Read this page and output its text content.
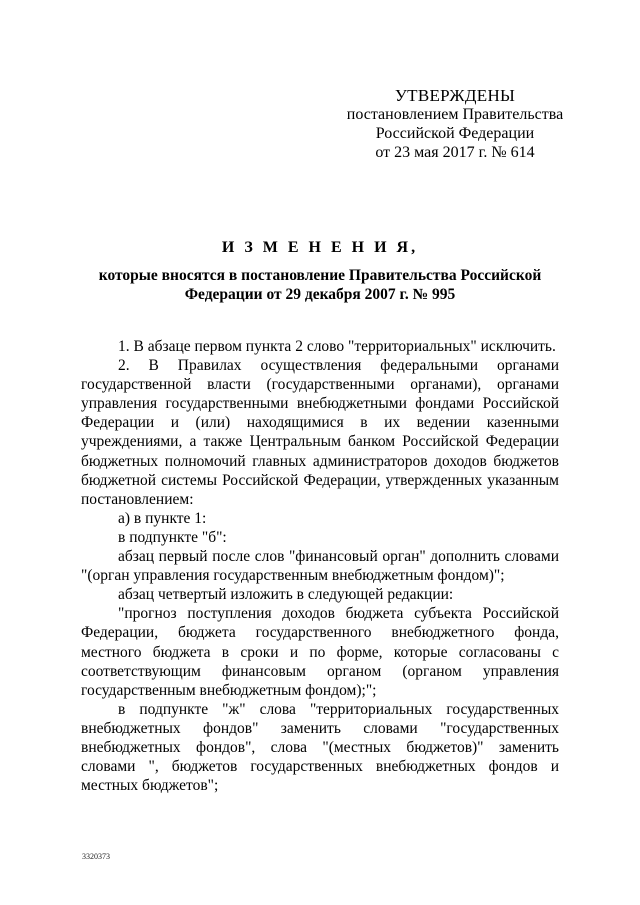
УТВЕРЖДЕНЫ
постановлением Правительства
Российской Федерации
от 23 мая 2017 г. № 614
И З М Е Н Е Н И Я,
которые вносятся в постановление Правительства Российской
Федерации от 29 декабря 2007 г. № 995

1. В абзаце первом пункта 2 слово "территориальных" исключить.

2. В Правилах осуществления федеральными органами государственной власти (государственными органами), органами управления государственными внебюджетными фондами Российской Федерации и (или) находящимися в их ведении казенными учреждениями, а также Центральным банком Российской Федерации бюджетных полномочий главных администраторов доходов бюджетов бюджетной системы Российской Федерации, утвержденных указанным постановлением:

а) в пункте 1:

в подпункте "б":

абзац первый после слов "финансовый орган" дополнить словами "(орган управления государственным внебюджетным фондом)";

абзац четвертый изложить в следующей редакции:

"прогноз поступления доходов бюджета субъекта Российской Федерации, бюджета государственного внебюджетного фонда, местного бюджета в сроки и по форме, которые согласованы с соответствующим финансовым органом (органом управления государственным внебюджетным фондом);";

в подпункте "ж" слова "территориальных государственных внебюджетных фондов" заменить словами "государственных внебюджетных фондов", слова "(местных бюджетов)" заменить словами ", бюджетов государственных внебюджетных фондов и местных бюджетов";

3320373
